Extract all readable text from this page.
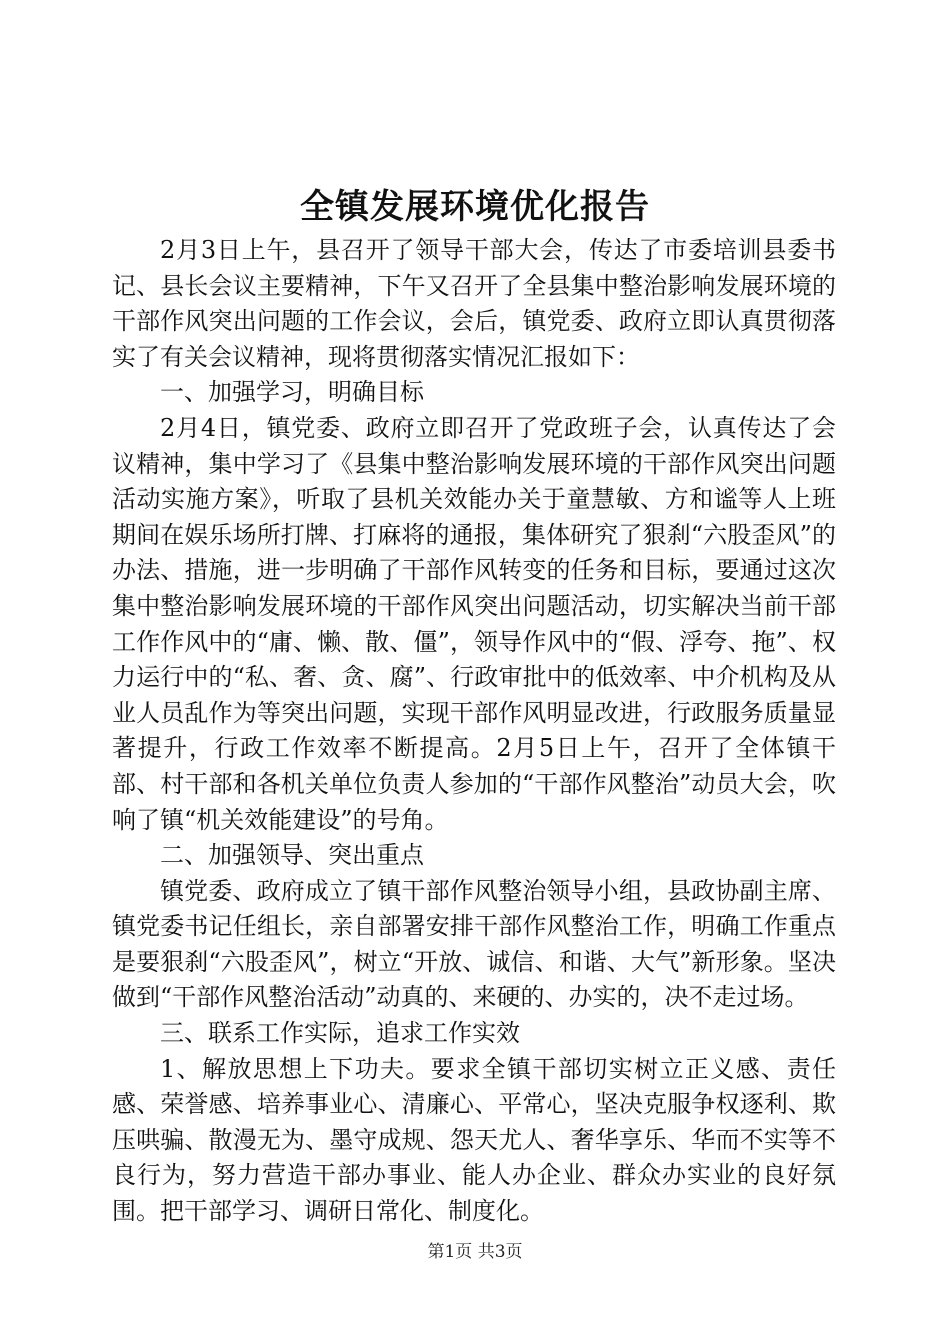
全镇发展环境优化报告

2月3日上午，县召开了领导干部大会，传达了市委培训县委书记、县长会议主要精神，下午又召开了全县集中整治影响发展环境的干部作风突出问题的工作会议，会后，镇党委、政府立即认真贯彻落实了有关会议精神，现将贯彻落实情况汇报如下：

一、加强学习，明确目标

2月4日，镇党委、政府立即召开了党政班子会，认真传达了会议精神，集中学习了《县集中整治影响发展环境的干部作风突出问题活动实施方案》，听取了县机关效能办关于童慧敏、方和谧等人上班期间在娱乐场所打牌、打麻将的通报，集体研究了狠刹“六股歪风”的办法、措施，进一步明确了干部作风转变的任务和目标，要通过这次集中整治影响发展环境的干部作风突出问题活动，切实解决当前干部工作作风中的“庸、懒、散、僵”，领导作风中的“假、浮夸、拖”、权力运行中的“私、奢、贪、腐”、行政审批中的低效率、中介机构及从业人员乱作为等突出问题，实现干部作风明显改进，行政服务质量显著提升，行政工作效率不断提高。2月5日上午，召开了全体镇干部、村干部和各机关单位负责人参加的“干部作风整治”动员大会，吹响了镇“机关效能建设”的号角。

二、加强领导、突出重点

镇党委、政府成立了镇干部作风整治领导小组，县政协副主席、镇党委书记任组长，亲自部署安排干部作风整治工作，明确工作重点是要狠刹“六股歪风”，树立“开放、诚信、和谐、大气”新形象。坚决做到“干部作风整治活动”动真的、来硬的、办实的，决不走过场。

三、联系工作实际，追求工作实效

1、解放思想上下功夫。要求全镇干部切实树立正义感、责任感、荣誉感、培养事业心、清廉心、平常心，坚决克服争权逐利、欺压哄骗、散漫无为、墨守成规、怨天尤人、奢华享乐、华而不实等不良行为，努力营造干部办事业、能人办企业、群众办实业的良好氛围。把干部学习、调研日常化、制度化。

第1页 共3页
